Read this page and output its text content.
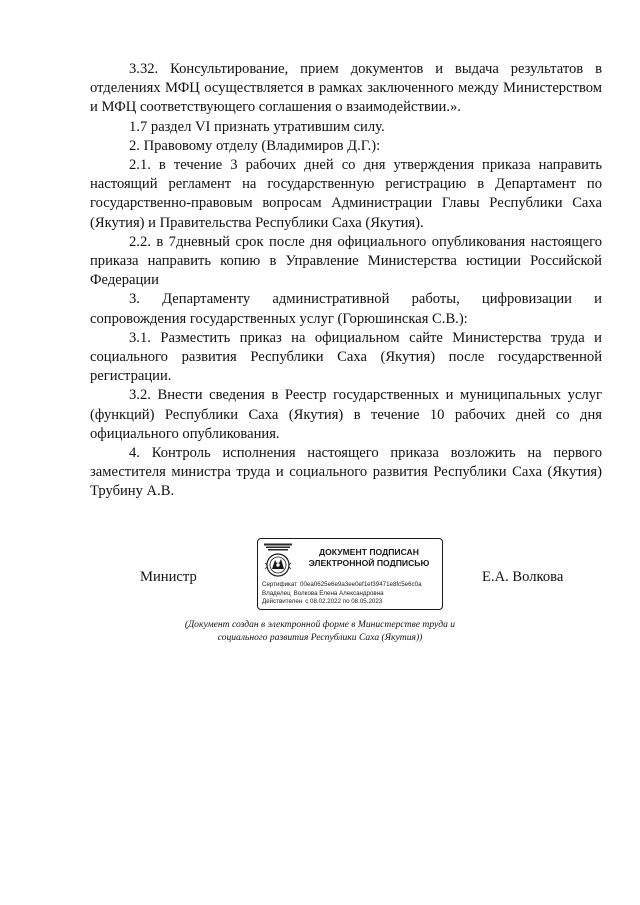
3.32. Консультирование, прием документов и выдача результатов в отделениях МФЦ осуществляется в рамках заключенного между Министерством и МФЦ соответствующего соглашения о взаимодействии.».

1.7 раздел VI признать утратившим силу.

2. Правовому отделу (Владимиров Д.Г.):

2.1. в течение 3 рабочих дней со дня утверждения приказа направить настоящий регламент на государственную регистрацию в Департамент по государственно-правовым вопросам Администрации Главы Республики Саха (Якутия) и Правительства Республики Саха (Якутия).

2.2. в 7дневный срок после дня официального опубликования настоящего приказа направить копию в Управление Министерства юстиции Российской Федерации

3. Департаменту административной работы, цифровизации и сопровождения государственных услуг (Горюшинская С.В.):

3.1. Разместить приказ на официальном сайте Министерства труда и социального развития Республики Саха (Якутия) после государственной регистрации.

3.2. Внести сведения в Реестр государственных и муниципальных услуг (функций) Республики Саха (Якутия) в течение 10 рабочих дней со дня официального опубликования.

4. Контроль исполнения настоящего приказа возложить на первого заместителя министра труда и социального развития Республики Саха (Якутия) Трубину А.В.

Министр
ДОКУМЕНТ ПОДПИСАН
ЭЛЕКТРОННОЙ ПОДПИСЬЮ
Сертификат 00ea0625e6e9a3ee0ef1ef39471e8fc5e6c0a
Владелец Волкова Елена Александровна
Действителен с 08.02.2022 по 08.05.2023
Е.А. Волкова
(Документ создан в электронной форме в Министерстве труда и
социального развития Республики Саха (Якутия))
